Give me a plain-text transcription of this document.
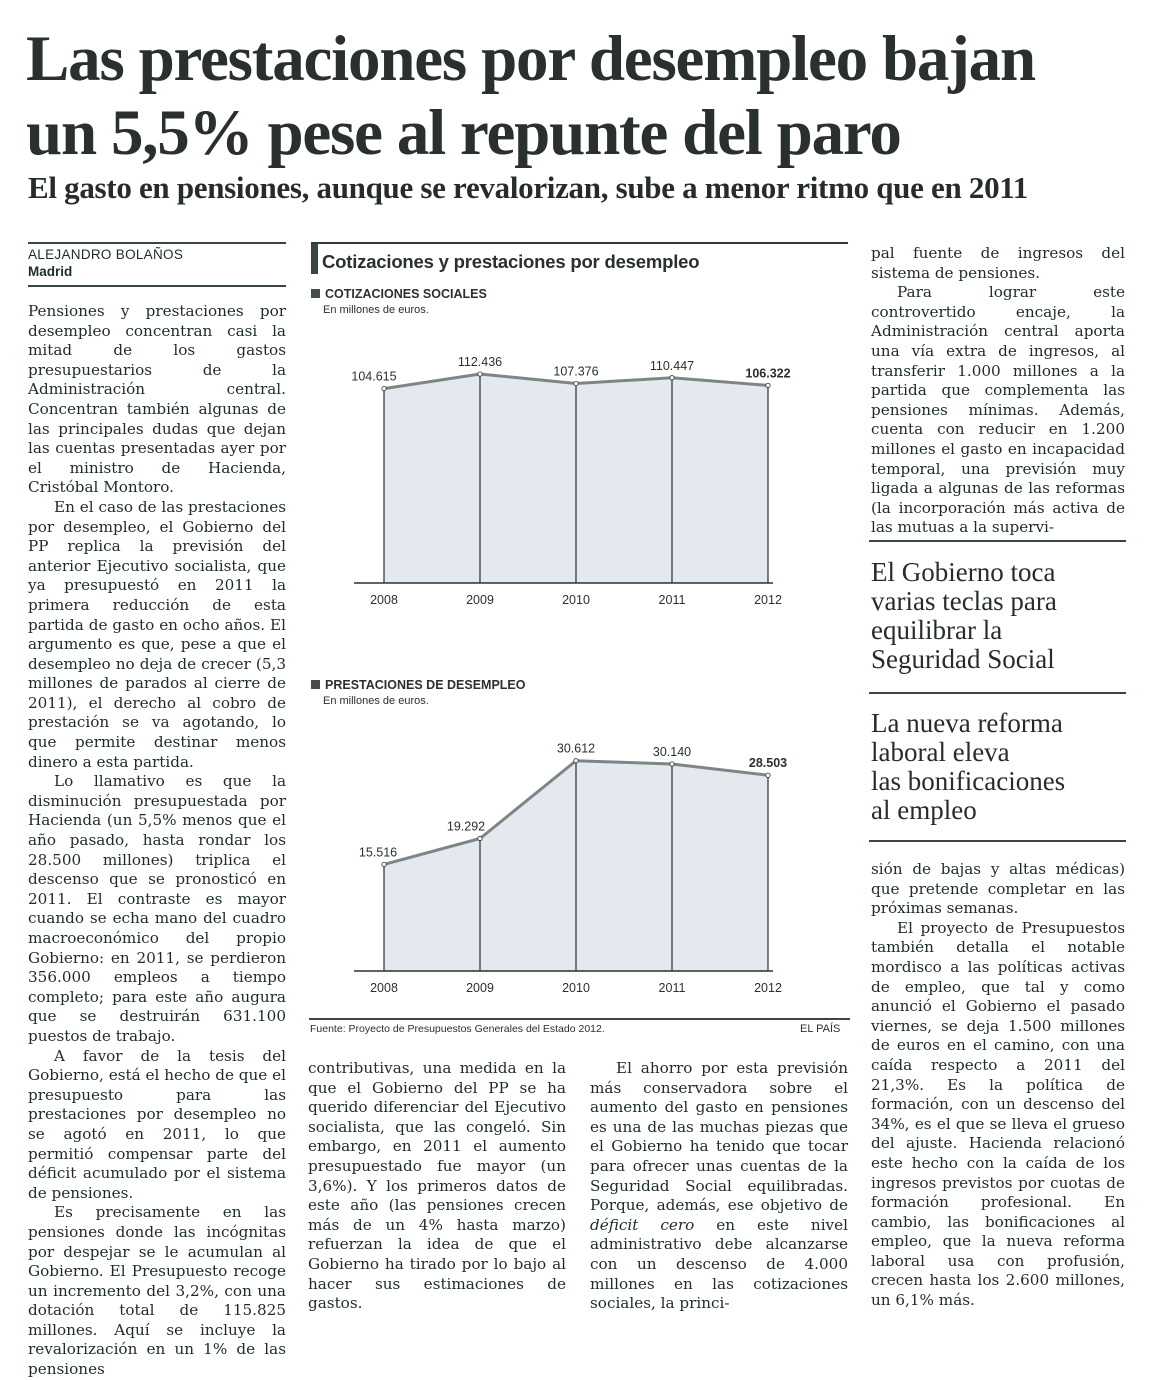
Las prestaciones por desempleo bajan
un 5,5% pese al repunte del paro
El gasto en pensiones, aunque se revalorizan, sube a menor ritmo que en 2011
ALEJANDRO BOLAÑOS
Madrid

Pensiones y prestaciones por desempleo concentran casi la mitad de los gastos presupuestarios de la Administración central. Concentran también algunas de las principales dudas que dejan las cuentas presentadas ayer por el ministro de Hacienda, Cristóbal Montoro.

En el caso de las prestaciones por desempleo, el Gobierno del PP replica la previsión del anterior Ejecutivo socialista, que ya presupuestó en 2011 la primera reducción de esta partida de gasto en ocho años. El argumento es que, pese a que el desempleo no deja de crecer (5,3 millones de parados al cierre de 2011), el derecho al cobro de prestación se va agotando, lo que permite destinar menos dinero a esta partida.

Lo llamativo es que la disminución presupuestada por Hacienda (un 5,5% menos que el año pasado, hasta rondar los 28.500 millones) triplica el descenso que se pronosticó en 2011. El contraste es mayor cuando se echa mano del cuadro macroeconómico del propio Gobierno: en 2011, se perdieron 356.000 empleos a tiempo completo; para este año augura que se destruirán 631.100 puestos de trabajo.

A favor de la tesis del Gobierno, está el hecho de que el presupuesto para las prestaciones por desempleo no se agotó en 2011, lo que permitió compensar parte del déficit acumulado por el sistema de pensiones.

Es precisamente en las pensiones donde las incógnitas por despejar se le acumulan al Gobierno. El Presupuesto recoge un incremento del 3,2%, con una dotación total de 115.825 millones. Aquí se incluye la revalorización en un 1% de las pensiones

Cotizaciones y prestaciones por desempleo
COTIZACIONES SOCIALES
En millones de euros.
104.615
2008
112.436
2009
107.376
2010
110.447
2011
106.322
2012
PRESTACIONES DE DESEMPLEO
En millones de euros.
15.516
2008
19.292
2009
30.612
2010
30.140
2011
28.503
2012
Fuente: Proyecto de Presupuestos Generales del Estado 2012.	EL PAÍS

contributivas, una medida en la que el Gobierno del PP se ha querido diferenciar del Ejecutivo socialista, que las congeló. Sin embargo, en 2011 el aumento presupuestado fue mayor (un 3,6%). Y los primeros datos de este año (las pensiones crecen más de un 4% hasta marzo) refuerzan la idea de que el Gobierno ha tirado por lo bajo al hacer sus estimaciones de gastos.

El ahorro por esta previsión más conservadora sobre el aumento del gasto en pensiones es una de las muchas piezas que el Gobierno ha tenido que tocar para ofrecer unas cuentas de la Seguridad Social equilibradas. Porque, además, ese objetivo de déficit cero en este nivel administrativo debe alcanzarse con un descenso de 4.000 millones en las cotizaciones sociales, la princi-

pal fuente de ingresos del sistema de pensiones.

Para lograr este controvertido encaje, la Administración central aporta una vía extra de ingresos, al transferir 1.000 millones a la partida que complementa las pensiones mínimas. Además, cuenta con reducir en 1.200 millones el gasto en incapacidad temporal, una previsión muy ligada a algunas de las reformas (la incorporación más activa de las mutuas a la supervi-

El Gobierno toca
varias teclas para
equilibrar la
Seguridad Social
La nueva reforma
laboral eleva
las bonificaciones
al empleo

sión de bajas y altas médicas) que pretende completar en las próximas semanas.

El proyecto de Presupuestos también detalla el notable mordisco a las políticas activas de empleo, que tal y como anunció el Gobierno el pasado viernes, se deja 1.500 millones de euros en el camino, con una caída respecto a 2011 del 21,3%. Es la política de formación, con un descenso del 34%, es el que se lleva el grueso del ajuste. Hacienda relacionó este hecho con la caída de los ingresos previstos por cuotas de formación profesional. En cambio, las bonificaciones al empleo, que la nueva reforma laboral usa con profusión, crecen hasta los 2.600 millones, un 6,1% más.
